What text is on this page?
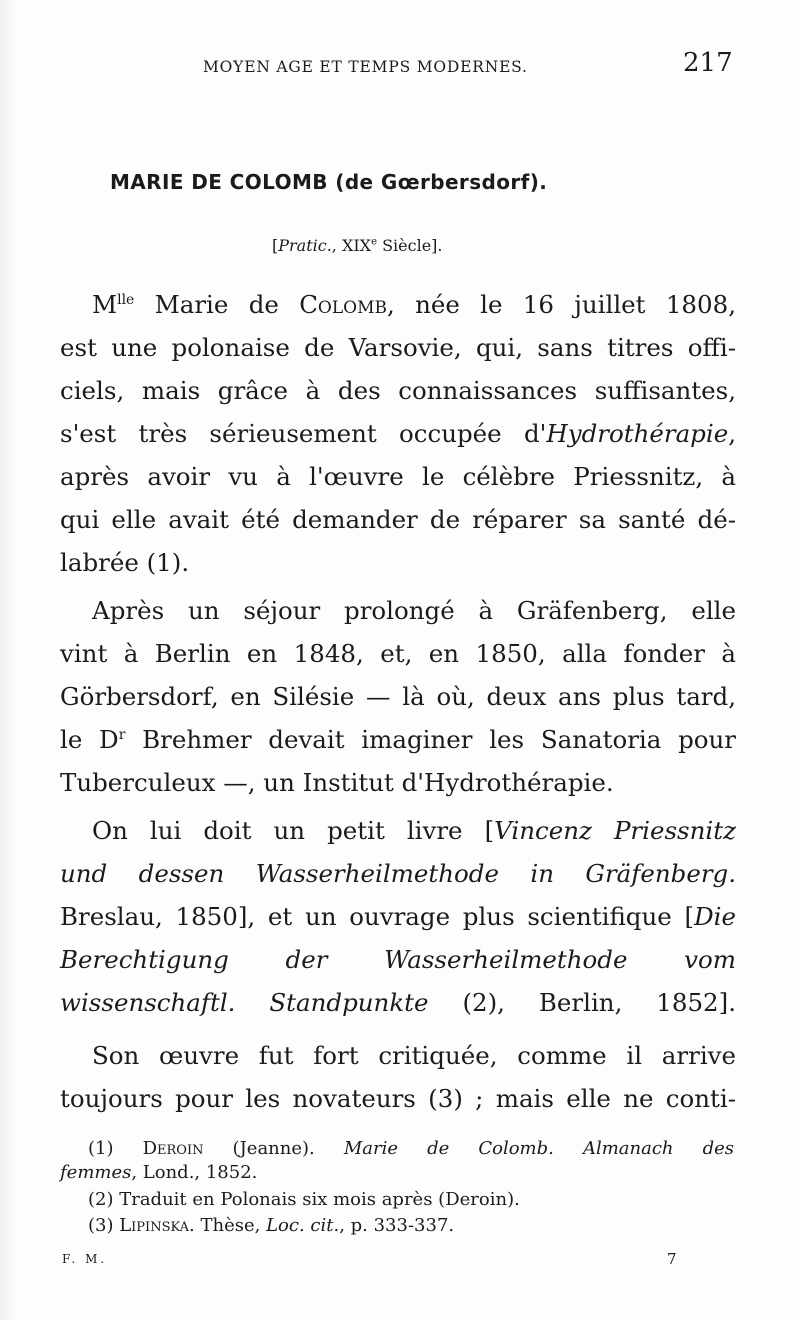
MOYEN AGE ET TEMPS MODERNES.	217
MARIE DE COLOMB (de Gœrbersdorf).
[Pratic., XIXe Siècle].
$M^{lle}$ Marie de Colomb, née le 16 juillet 1808,
est une polonaise de Varsovie, qui, sans titres offi-
ciels, mais grâce à des connaissances suffisantes,
s'est très sérieusement occupée d'Hydrothérapie,
après avoir vu à l'œuvre le célèbre Priessnitz, à
qui elle avait été demander de réparer sa santé dé-
labrée (1).
Après un séjour prolongé à Gräfenberg, elle
vint à Berlin en 1848, et, en 1850, alla fonder à
Görbersdorf, en Silésie — là où, deux ans plus tard,
le $D^r$ Brehmer devait imaginer les Sanatoria pour
Tuberculeux —, un Institut d'Hydrothérapie.
On lui doit un petit livre [Vincenz Priessnitz
und dessen Wasserheilmethode in Gräfenberg.
Breslau, 1850], et un ouvrage plus scientifique [Die
Berechtigung der Wasserheilmethode vom
wissenschaftl. Standpunkte (2), Berlin, 1852].
Son œuvre fut fort critiquée, comme il arrive
toujours pour les novateurs (3) ; mais elle ne conti-
(1) Deroin (Jeanne). Marie de Colomb. Almanach des
femmes, Lond., 1852.
(2) Traduit en Polonais six mois après (Deroin).
(3) Lipinska. Thèse, Loc. cit., p. 333-337.
F. M.	7
